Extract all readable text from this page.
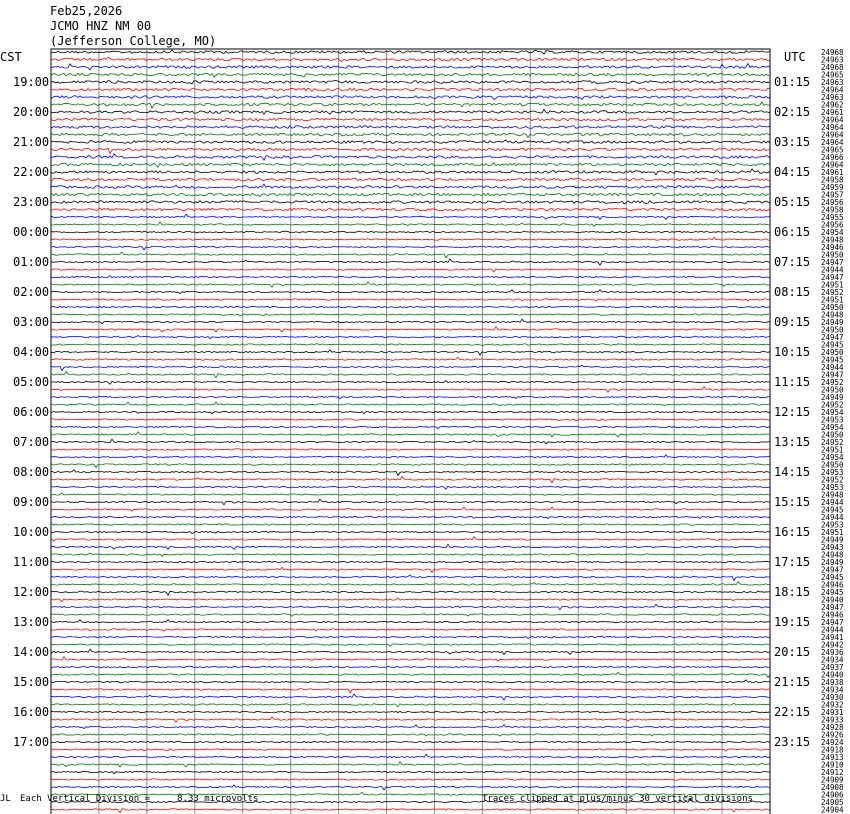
Feb25,2026
JCMO HNZ NM 00
(Jefferson College, MO)
CST	UTC 24968
24963
24968
24965
24963
24964
24963
24962
24961
24964
24964
24964
24964
24965
24966
24964
24961
24958
24959
24957
24956
24958
24955
24956
24954
24948
24946
24950
24947
24944
24947
24951
24952
24951
24950
24948
24949
24950
24947
24945
24950
24945
24944
24947
24952
24950
24949
24952
24954
24953
24954
24950
24952
24951
24954
24950
24953
24952
24953
24948
24944
24945
24944
24953
24951
24949
24943
24948
24949
24947
24945
24946
24945
24940
24947
24946
24947
24944
24941
24942
24936
24934
24937
24940
24938
24934
24930
24932
24931
24933
24928
24926
24924
24918
24913
24910
24912
24909
24908
24906
24905
24904
19:00
20:00
21:00
22:00
23:00
00:00
01:00
02:00
03:00
04:00
05:00
06:00
07:00
08:00
09:00
10:00
11:00
12:00
13:00
14:00
15:00
16:00
17:00
01:15
02:15
03:15
04:15
05:15
06:15
07:15
08:15
09:15
10:15
11:15
12:15
13:15
14:15
15:15
16:15
17:15
18:15
19:15
20:15
21:15
22:15
23:15
JL Each Vertical Division =     8.33 microvolts	Traces clipped at plus/minus 30 vertical divisions
